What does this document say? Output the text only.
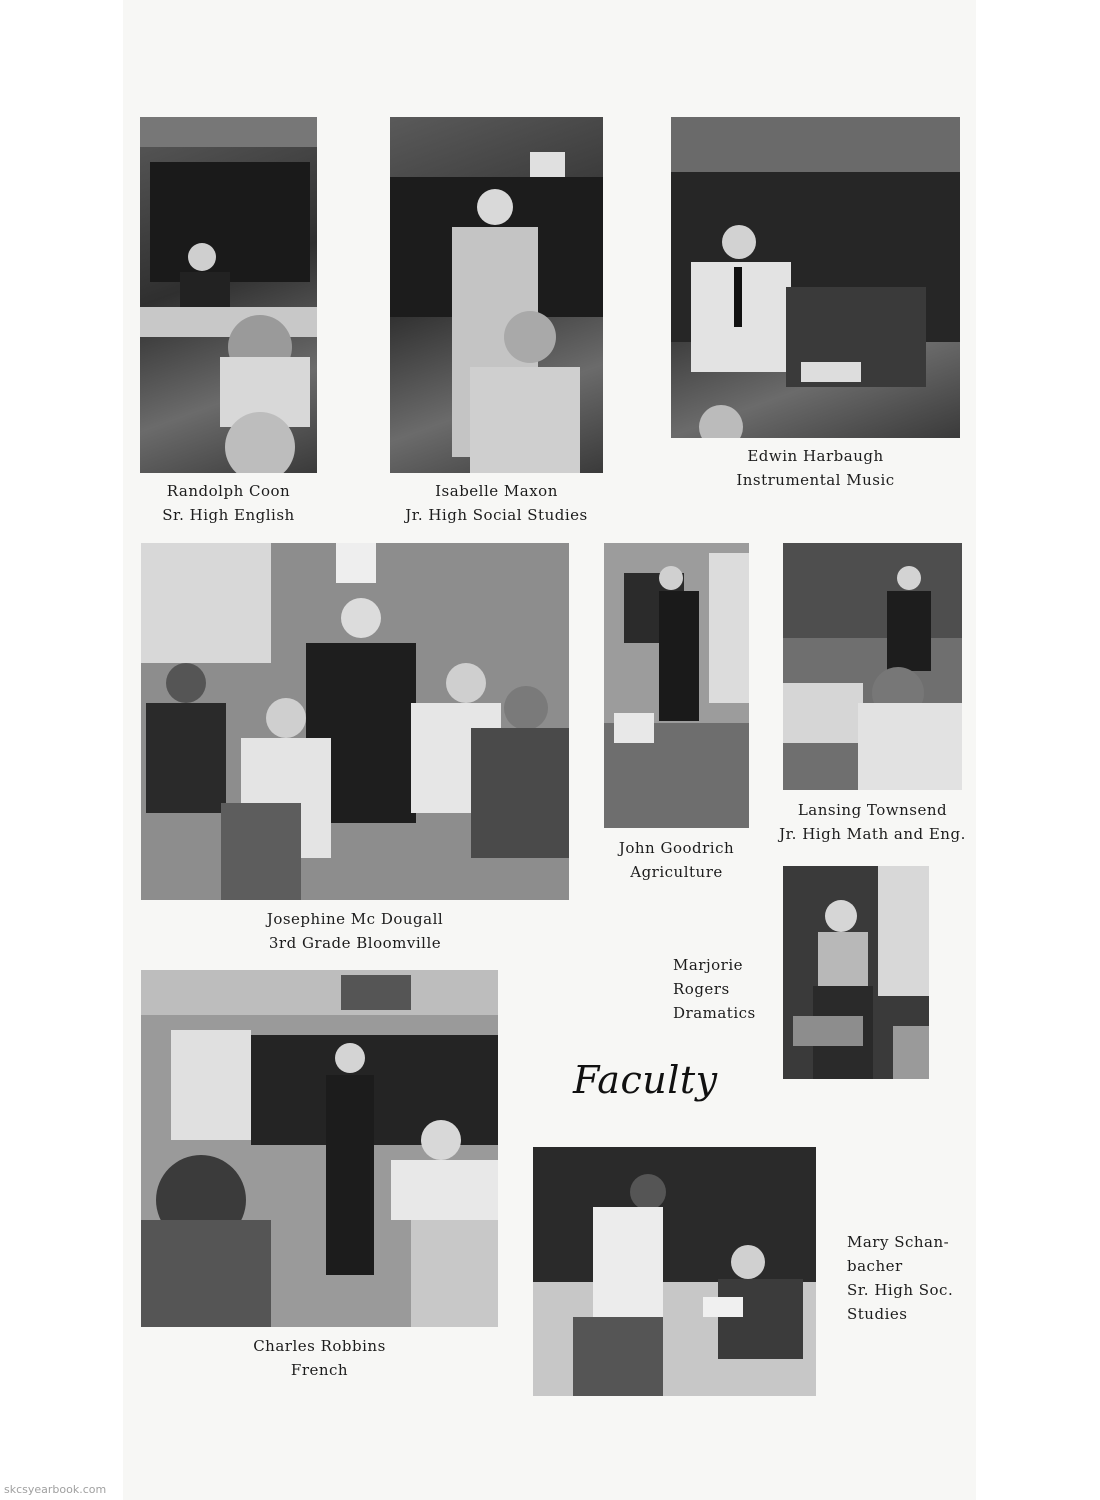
Randolph Coon
Sr. High English
Isabelle Maxon
Jr. High Social Studies
Edwin Harbaugh
Instrumental Music
Josephine Mc Dougall
3rd Grade Bloomville
John Goodrich
Agriculture
Lansing Townsend
Jr. High Math and Eng.
Marjorie
Rogers
Dramatics
Faculty
Charles Robbins
French
Mary Schan-
bacher
Sr. High Soc.
Studies
skcsyearbook.com
